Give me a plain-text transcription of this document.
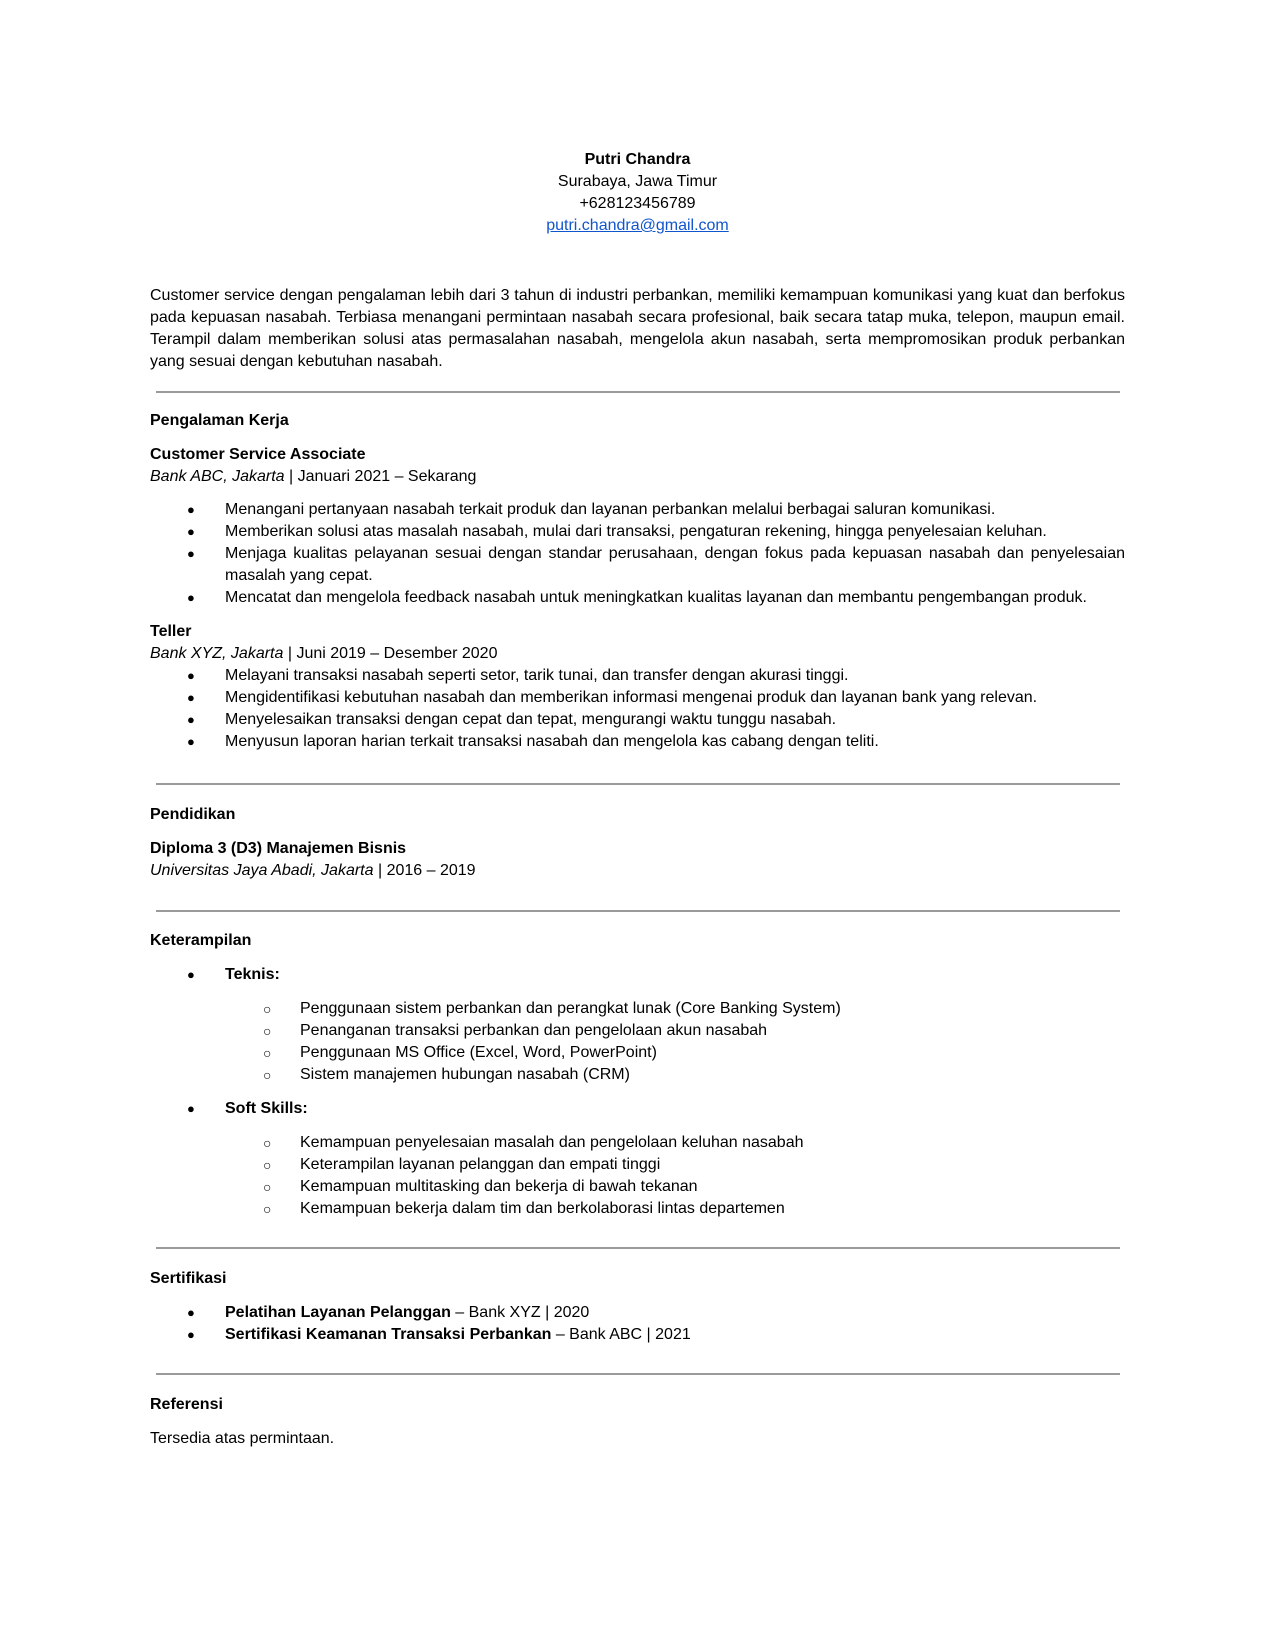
Putri Chandra
Surabaya, Jawa Timur
+628123456789
putri.chandra@gmail.com
Customer service dengan pengalaman lebih dari 3 tahun di industri perbankan, memiliki kemampuan komunikasi yang kuat dan berfokus pada kepuasan nasabah. Terbiasa menangani permintaan nasabah secara profesional, baik secara tatap muka, telepon, maupun email. Terampil dalam memberikan solusi atas permasalahan nasabah, mengelola akun nasabah, serta mempromosikan produk perbankan yang sesuai dengan kebutuhan nasabah.

Pengalaman Kerja

Customer Service Associate

Bank ABC, Jakarta | Januari 2021 – Sekarang

● Menangani pertanyaan nasabah terkait produk dan layanan perbankan melalui berbagai saluran komunikasi.
● Memberikan solusi atas masalah nasabah, mulai dari transaksi, pengaturan rekening, hingga penyelesaian keluhan.
● Menjaga kualitas pelayanan sesuai dengan standar perusahaan, dengan fokus pada kepuasan nasabah dan penyelesaian masalah yang cepat.
● Mencatat dan mengelola feedback nasabah untuk meningkatkan kualitas layanan dan membantu pengembangan produk.

Teller

Bank XYZ, Jakarta | Juni 2019 – Desember 2020

● Melayani transaksi nasabah seperti setor, tarik tunai, dan transfer dengan akurasi tinggi.
● Mengidentifikasi kebutuhan nasabah dan memberikan informasi mengenai produk dan layanan bank yang relevan.
● Menyelesaikan transaksi dengan cepat dan tepat, mengurangi waktu tunggu nasabah.
● Menyusun laporan harian terkait transaksi nasabah dan mengelola kas cabang dengan teliti.

Pendidikan

Diploma 3 (D3) Manajemen Bisnis

Universitas Jaya Abadi, Jakarta | 2016 – 2019

Keterampilan

● Teknis:
○ Penggunaan sistem perbankan dan perangkat lunak (Core Banking System)
○ Penanganan transaksi perbankan dan pengelolaan akun nasabah
○ Penggunaan MS Office (Excel, Word, PowerPoint)
○ Sistem manajemen hubungan nasabah (CRM)
● Soft Skills:
○ Kemampuan penyelesaian masalah dan pengelolaan keluhan nasabah
○ Keterampilan layanan pelanggan dan empati tinggi
○ Kemampuan multitasking dan bekerja di bawah tekanan
○ Kemampuan bekerja dalam tim dan berkolaborasi lintas departemen

Sertifikasi

● Pelatihan Layanan Pelanggan – Bank XYZ | 2020
● Sertifikasi Keamanan Transaksi Perbankan – Bank ABC | 2021

Referensi

Tersedia atas permintaan.
